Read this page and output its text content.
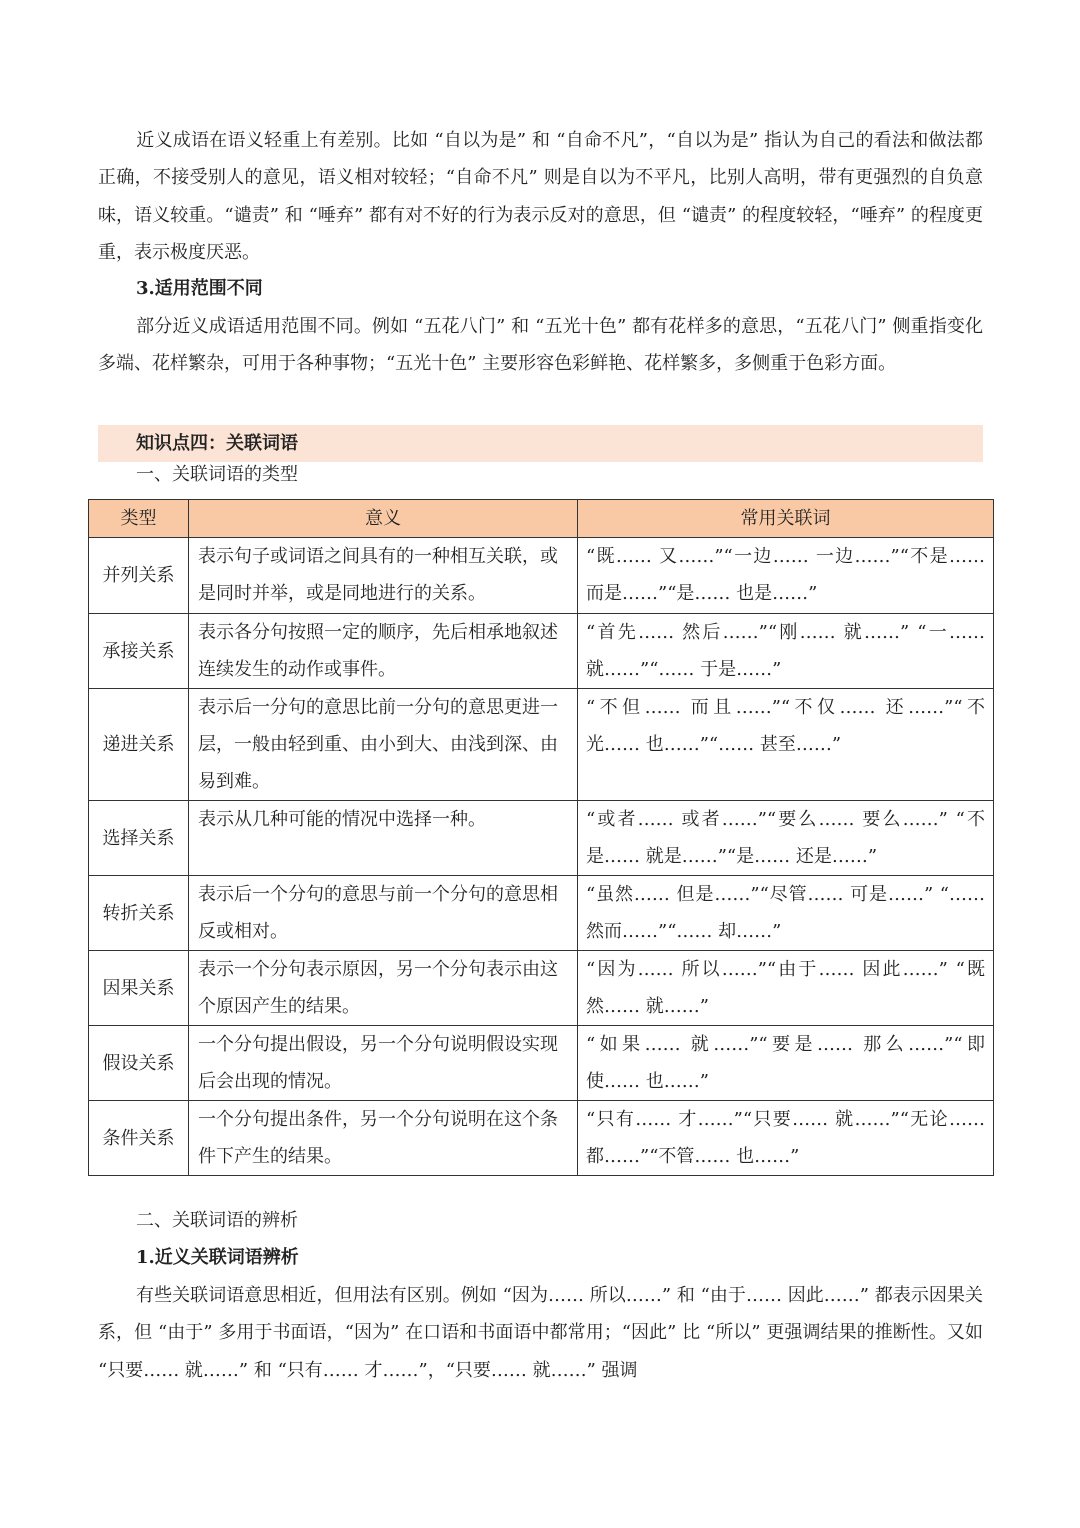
近义成语在语义轻重上有差别。比如 “自以为是” 和 “自命不凡”，“自以为是” 指认为自己的看法和做法都正确，不接受别人的意见，语义相对较轻；“自命不凡” 则是自以为不平凡，比别人高明，带有更强烈的自负意味，语义较重。“谴责” 和 “唾弃” 都有对不好的行为表示反对的意思，但 “谴责” 的程度较轻，“唾弃” 的程度更重，表示极度厌恶。

3.适用范围不同

部分近义成语适用范围不同。例如 “五花八门” 和 “五光十色” 都有花样多的意思，“五花八门” 侧重指变化多端、花样繁杂，可用于各种事物；“五光十色” 主要形容色彩鲜艳、花样繁多，多侧重于色彩方面。

知识点四：关联词语

一、关联词语的类型

类型	意义	常用关联词
并列关系	表示句子或词语之间具有的一种相互关联，或是同时并举，或是同地进行的关系。	“既…… 又……”“一边…… 一边……”“不是…… 而是……”“是…… 也是……”
承接关系	表示各分句按照一定的顺序，先后相承地叙述连续发生的动作或事件。	“首先…… 然后……”“刚…… 就……” “一…… 就……”“…… 于是……”
递进关系	表示后一分句的意思比前一分句的意思更进一层，一般由轻到重、由小到大、由浅到深、由易到难。	“不但…… 而且……”“不仅…… 还……”“不光…… 也……”“…… 甚至……”
选择关系	表示从几种可能的情况中选择一种。	“或者…… 或者……”“要么…… 要么……” “不是…… 就是……”“是…… 还是……”
转折关系	表示后一个分句的意思与前一个分句的意思相反或相对。	“虽然…… 但是……”“尽管…… 可是……” “…… 然而……”“…… 却……”
因果关系	表示一个分句表示原因，另一个分句表示由这个原因产生的结果。	“因为…… 所以……”“由于…… 因此……” “既然…… 就……”
假设关系	一个分句提出假设，另一个分句说明假设实现后会出现的情况。	“如果…… 就……”“要是…… 那么……”“即使…… 也……”
条件关系	一个分句提出条件，另一个分句说明在这个条件下产生的结果。	“只有…… 才……”“只要…… 就……”“无论…… 都……”“不管…… 也……”

二、关联词语的辨析

1.近义关联词语辨析

有些关联词语意思相近，但用法有区别。例如 “因为…… 所以……” 和 “由于…… 因此……” 都表示因果关系，但 “由于” 多用于书面语，“因为” 在口语和书面语中都常用；“因此” 比 “所以” 更强调结果的推断性。又如 “只要…… 就……” 和 “只有…… 才……”，“只要…… 就……” 强调
